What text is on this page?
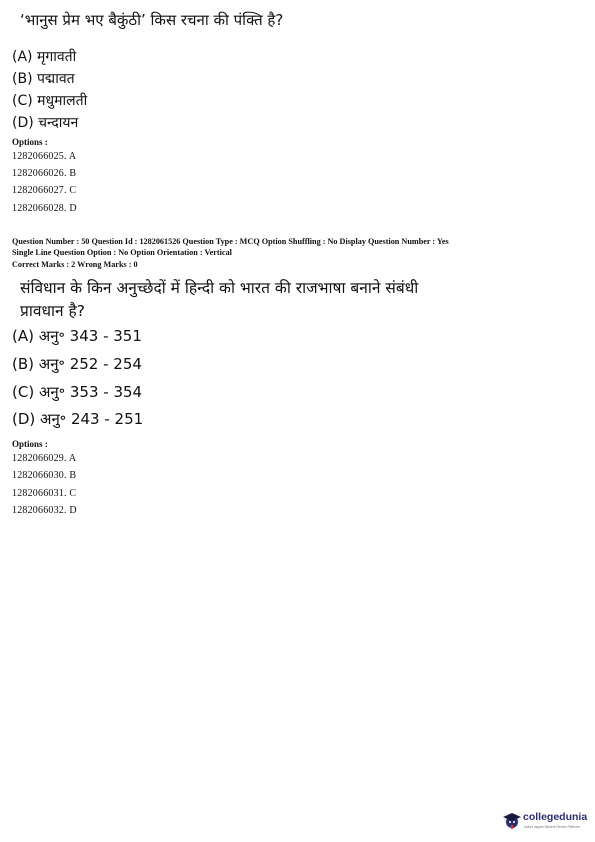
‘भानुस प्रेम भए बैकुंठी’ किस रचना की पंक्ति है?
(A) मृगावती
(B) पद्मावत
(C) मधुमालती
(D) चन्दायन
Options :
1282066025. A
1282066026. B
1282066027. C
1282066028. D
Question Number : 50 Question Id : 1282061526 Question Type : MCQ Option Shuffling : No Display Question Number : Yes
Single Line Question Option : No Option Orientation : Vertical
Correct Marks : 2 Wrong Marks : 0
संविधान के किन अनुच्छेदों में हिन्दी को भारत की राजभाषा बनाने संबंधी
प्रावधान है?
(A) अनु॰ 343 - 351
(B) अनु॰ 252 - 254
(C) अनु॰ 353 - 354
(D) अनु॰ 243 - 251
Options :
1282066029. A
1282066030. B
1282066031. C
1282066032. D
collegedunia
India's largest Student Review Platform
